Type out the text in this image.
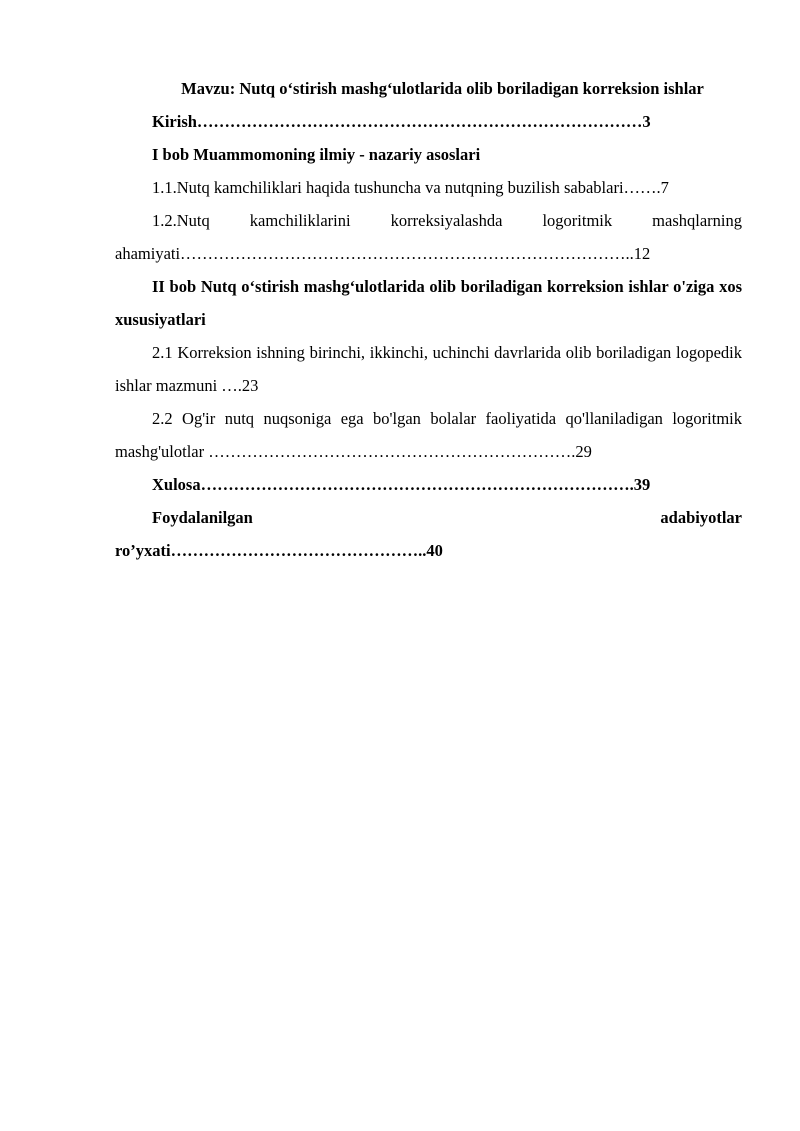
Mavzu: Nutq o‘stirish mashg‘ulotlarida olib boriladigan korreksion ishlar
Kirish………………………………………………………………………3
I bob Muammomoning ilmiy - nazariy asoslari
1.1.Nutq kamchiliklari haqida tushuncha va nutqning buzilish sabablari…….7
1.2.Nutq kamchiliklarini korreksiyalashda logoritmik mashqlarning
ahamiyati………………………………………………………………………..12
II bob Nutq o‘stirish mashg‘ulotlarida olib boriladigan korreksion ishlar o'ziga xos xususiyatlari
2.1 Korreksion ishning birinchi, ikkinchi, uchinchi davrlarida olib boriladigan logopedik ishlar mazmuni ….23
2.2 Og'ir nutq nuqsoniga ega bo'lgan bolalar faoliyatida qo'llaniladigan logoritmik mashg'ulotlar ………………………………………………………….29
Xulosa…………………………………………………………………….39
Foydalanilgan	adabiyotlar
ro’yxati………………………………………..40
